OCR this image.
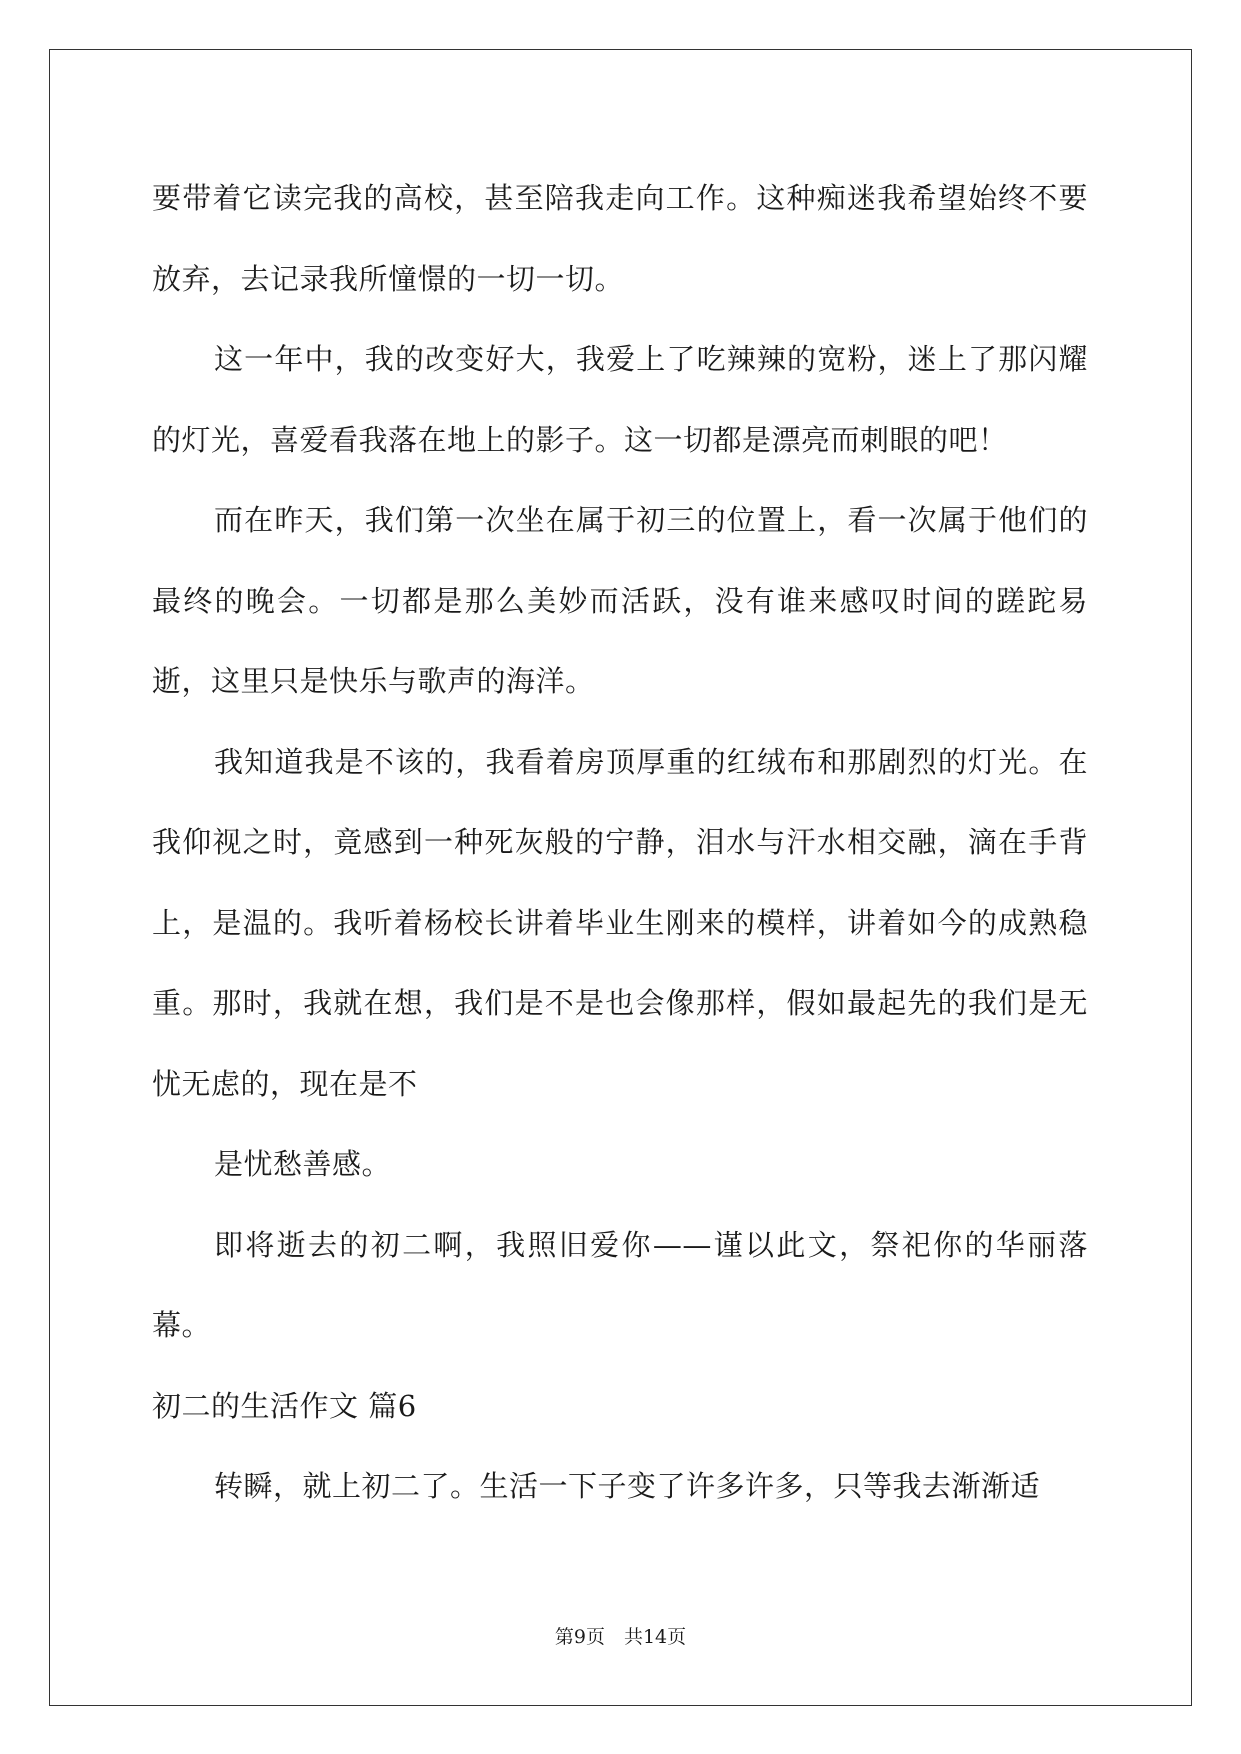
要带着它读完我的高校，甚至陪我走向工作。这种痴迷我希望始终不要放弃，去记录我所憧憬的一切一切。

这一年中，我的改变好大，我爱上了吃辣辣的宽粉，迷上了那闪耀的灯光，喜爱看我落在地上的影子。这一切都是漂亮而刺眼的吧！

而在昨天，我们第一次坐在属于初三的位置上，看一次属于他们的最终的晚会。一切都是那么美妙而活跃，没有谁来感叹时间的蹉跎易逝，这里只是快乐与歌声的海洋。

我知道我是不该的，我看着房顶厚重的红绒布和那剧烈的灯光。在我仰视之时，竟感到一种死灰般的宁静，泪水与汗水相交融，滴在手背上，是温的。我听着杨校长讲着毕业生刚来的模样，讲着如今的成熟稳重。那时，我就在想，我们是不是也会像那样，假如最起先的我们是无忧无虑的，现在是不

是忧愁善感。

即将逝去的初二啊，我照旧爱你——谨以此文，祭祀你的华丽落幕。

初二的生活作文 篇6

转瞬，就上初二了。生活一下子变了许多许多，只等我去渐渐适

第9页　共14页
